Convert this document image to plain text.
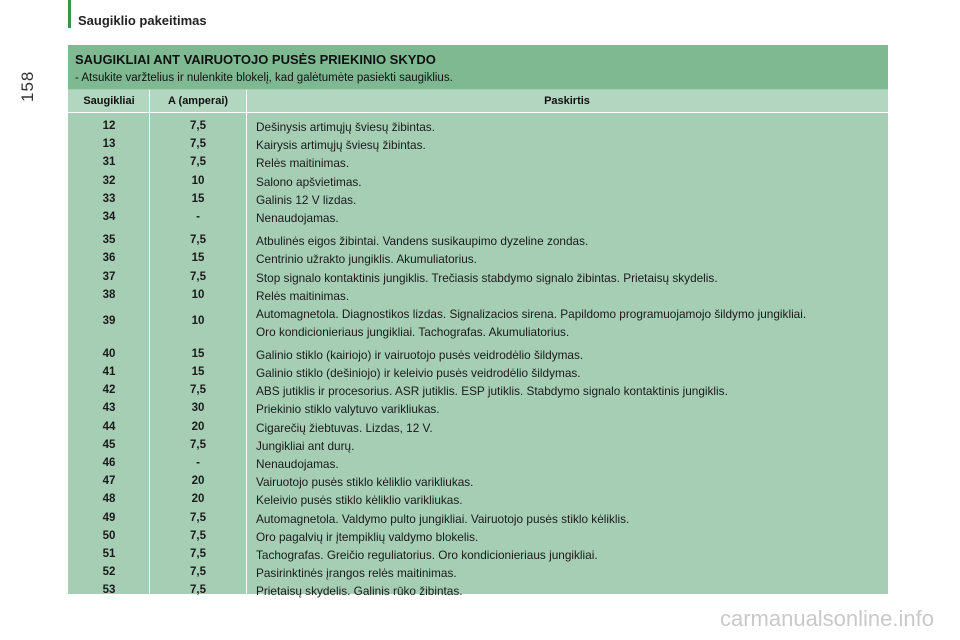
Saugiklio pakeitimas
158
SAUGIKLIAI ANT VAIRUOTOJO PUSĖS PRIEKINIO SKYDO
- Atsukite varžtelius ir nulenkite blokelį, kad galėtumėte pasiekti saugiklius.
Saugikliai	A (amperai)	Paskirtis
12	7,5	Dešinysis artimųjų šviesų žibintas.
13	7,5	Kairysis artimųjų šviesų žibintas.
31	7,5	Relės maitinimas.
32	10	Salono apšvietimas.
33	15	Galinis 12 V lizdas.
34	-	Nenaudojamas.
35	7,5	Atbulinės eigos žibintai. Vandens susikaupimo dyzeline zondas.
36	15	Centrinio užrakto jungiklis. Akumuliatorius.
37	7,5	Stop signalo kontaktinis jungiklis. Trečiasis stabdymo signalo žibintas. Prietaisų skydelis.
38	10	Relės maitinimas.
39	10	Automagnetola. Diagnostikos lizdas. Signalizacios sirena. Papildomo programuojamojo šildymo jungikliai.
Oro kondicionieriaus jungikliai. Tachografas. Akumuliatorius.
40	15	Galinio stiklo (kairiojo) ir vairuotojo pusės veidrodėlio šildymas.
41	15	Galinio stiklo (dešiniojo) ir keleivio pusės veidrodėlio šildymas.
42	7,5	ABS jutiklis ir procesorius. ASR jutiklis. ESP jutiklis. Stabdymo signalo kontaktinis jungiklis.
43	30	Priekinio stiklo valytuvo varikliukas.
44	20	Cigarečių žiebtuvas. Lizdas, 12 V.
45	7,5	Jungikliai ant durų.
46	-	Nenaudojamas.
47	20	Vairuotojo pusės stiklo kėliklio varikliukas.
48	20	Keleivio pusės stiklo kėliklio varikliukas.
49	7,5	Automagnetola. Valdymo pulto jungikliai. Vairuotojo pusės stiklo kėliklis.
50	7,5	Oro pagalvių ir įtempiklių valdymo blokelis.
51	7,5	Tachografas. Greičio reguliatorius. Oro kondicionieriaus jungikliai.
52	7,5	Pasirinktinės įrangos relės maitinimas.
53	7,5	Prietaisų skydelis. Galinis rūko žibintas.
carmanualsonline.info
